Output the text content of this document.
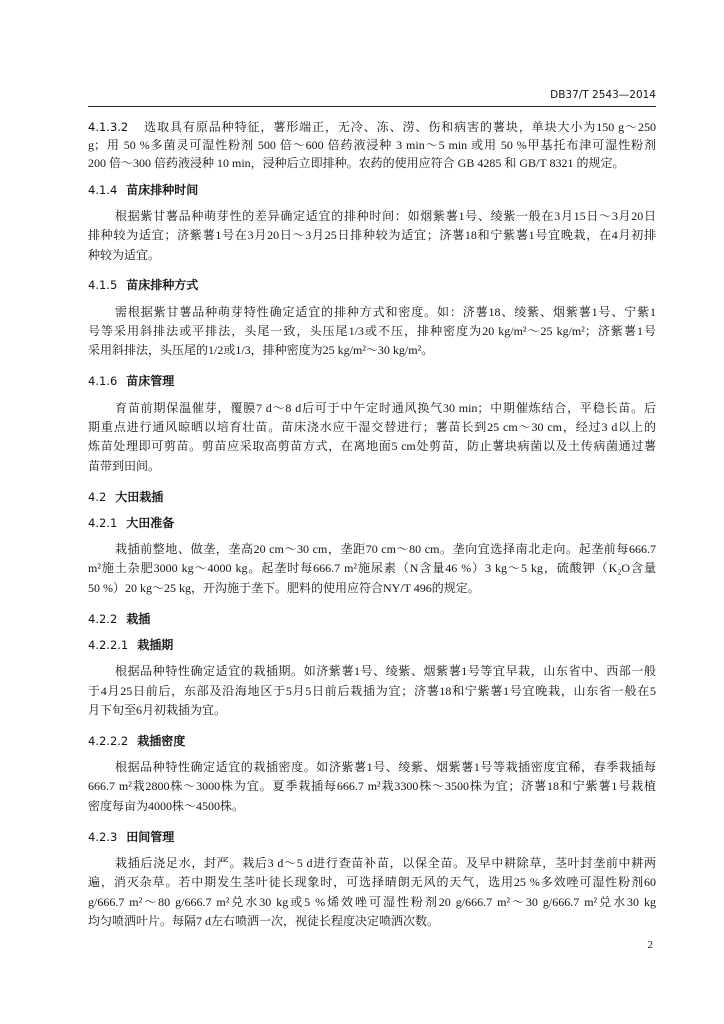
DB37/T 2543—2014
4.1.3.2 选取具有原品种特征，薯形端正，无冷、冻、涝、伤和病害的薯块，单块大小为150 g～250
g；用 50 %多菌灵可湿性粉剂 500 倍～600 倍药液浸种 3 min～5 min 或用 50 %甲基托布津可湿性粉剂
200 倍～300 倍药液浸种 10 min，浸种后立即排种。农药的使用应符合 GB 4285 和 GB/T 8321 的规定。
4.1.4 苗床排种时间
根据紫甘薯品种萌芽性的差异确定适宜的排种时间：如烟紫薯1号、绫紫一般在3月15日～3月20日
排种较为适宜；济紫薯1号在3月20日～3月25日排种较为适宜；济薯18和宁紫薯1号宜晚栽，在4月初排
种较为适宜。
4.1.5 苗床排种方式
需根据紫甘薯品种萌芽特性确定适宜的排种方式和密度。如：济薯18、绫紫、烟紫薯1号、宁紫1
号等采用斜排法或平排法，头尾一致，头压尾1/3或不压，排种密度为20 kg/m²～25 kg/m²；济紫薯1号
采用斜排法，头压尾的1/2或1/3，排种密度为25 kg/m²～30 kg/m²。
4.1.6 苗床管理
育苗前期保温催芽，覆膜7 d～8 d后可于中午定时通风换气30 min；中期催炼结合，平稳长苗。后
期重点进行通风晾晒以培育壮苗。苗床浇水应干湿交替进行；薯苗长到25 cm～30 cm，经过3 d以上的
炼苗处理即可剪苗。剪苗应采取高剪苗方式，在离地面5 cm处剪苗，防止薯块病菌以及土传病菌通过薯
苗带到田间。
4.2 大田栽插
4.2.1 大田准备
栽插前整地、做垄，垄高20 cm～30 cm，垄距70 cm～80 cm。垄向宜选择南北走向。起垄前每666.7
m²施土杂肥3000 kg～4000 kg。起垄时每666.7 m²施尿素（N含量46 %）3 kg～5 kg，硫酸钾（K₂O含量
50 %）20 kg～25 kg，开沟施于垄下。肥料的使用应符合NY/T 496的规定。
4.2.2 栽插
4.2.2.1 栽插期
根据品种特性确定适宜的栽插期。如济紫薯1号、绫紫、烟紫薯1号等宜早栽，山东省中、西部一般
于4月25日前后，东部及沿海地区于5月5日前后栽插为宜；济薯18和宁紫薯1号宜晚栽，山东省一般在5
月下旬至6月初栽插为宜。
4.2.2.2 栽插密度
根据品种特性确定适宜的栽插密度。如济紫薯1号、绫紫、烟紫薯1号等栽插密度宜稀，春季栽插每
666.7 m²栽2800株～3000株为宜。夏季栽插每666.7 m²栽3300株～3500株为宜；济薯18和宁紫薯1号栽植
密度每亩为4000株～4500株。
4.2.3 田间管理
栽插后浇足水，封严。栽后3 d～5 d进行查苗补苗，以保全苗。及早中耕除草，茎叶封垄前中耕两
遍，消灭杂草。若中期发生茎叶徒长现象时，可选择晴朗无风的天气，选用25 %多效唑可湿性粉剂60
g/666.7 m²～80 g/666.7 m²兑水30 kg或5 %烯效唑可湿性粉剂20 g/666.7 m²～30 g/666.7 m²兑水30 kg
均匀喷洒叶片。每隔7 d左右喷洒一次，视徒长程度决定喷洒次数。
2
